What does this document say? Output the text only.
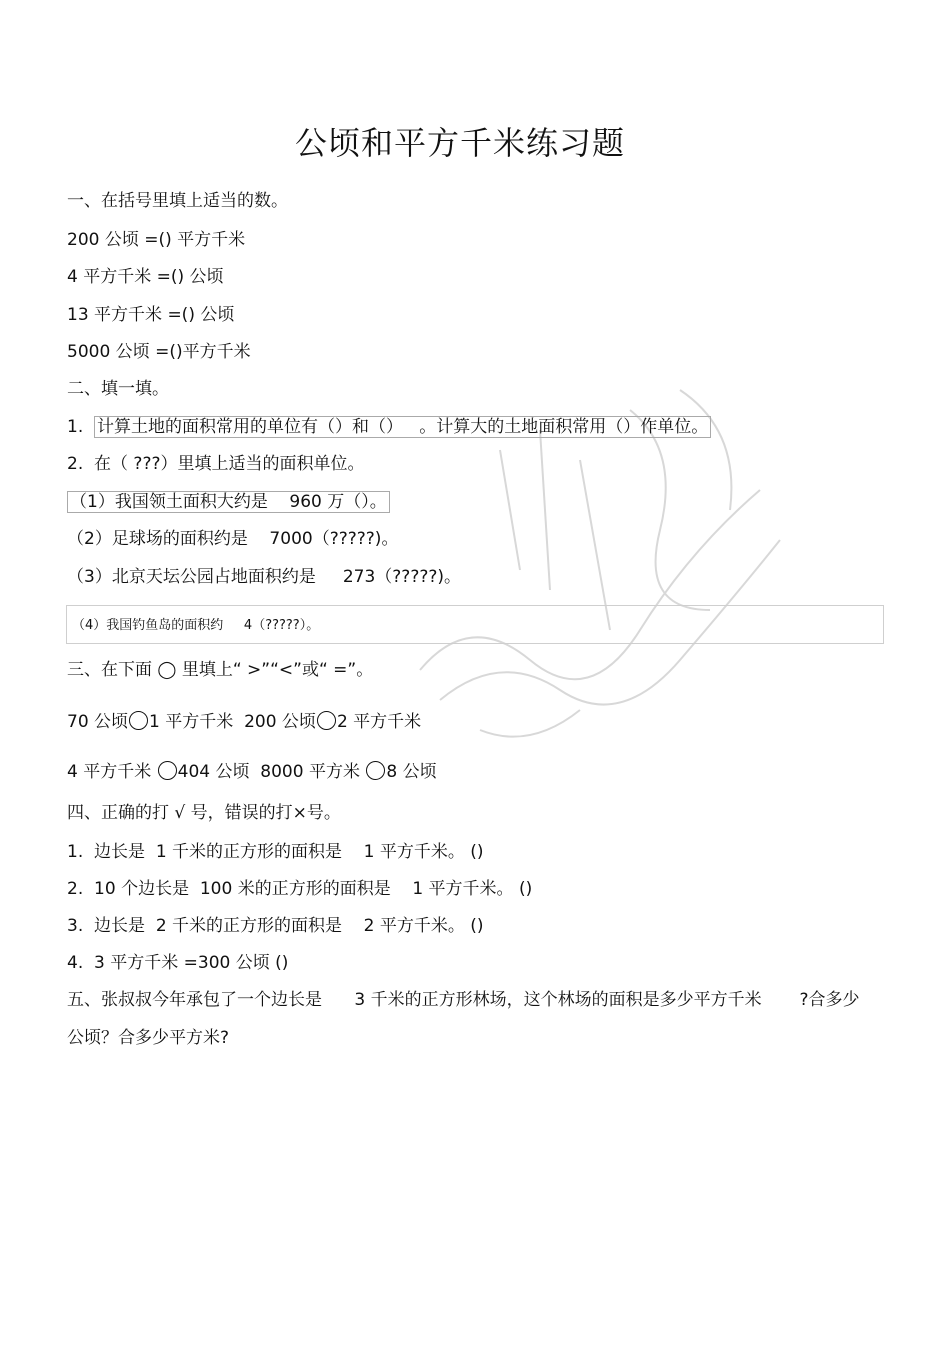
公顷和平方千米练习题
一、在括号里填上适当的数。
200 公顷 =() 平方千米
4 平方千米 =() 公顷
13 平方千米 =() 公顷
5000 公顷 =()平方千米
二、填一填。
1. 计算土地的面积常用的单位有（）和（）   。计算大的土地面积常用（）作单位。
2.  在（ ???）里填上适当的面积单位。
（1）我国领土面积大约是    960 万（）。
（2）足球场的面积约是    7000（?????)。
（3）北京天坛公园占地面积约是     273（?????)。
（4）我国钓鱼岛的面积约     4（?????）。
三、在下面 ◯ 里填上“ >”“<”或“ =”。
70 公顷 1 平方千米  200 公顷 2 平方千米
4 平方千米 404 公顷  8000 平方米 8 公顷
四、正确的打 √ 号，错误的打×号。
1.  边长是  1 千米的正方形的面积是    1 平方千米。 ()
2.  10 个边长是  100 米的正方形的面积是    1 平方千米。 ()
3.  边长是  2 千米的正方形的面积是    2 平方千米。 ()
4.  3 平方千米 =300 公顷 ()
五、张叔叔今年承包了一个边长是      3 千米的正方形林场，这个林场的面积是多少平方千米       ?合多少
公顷？合多少平方米?
